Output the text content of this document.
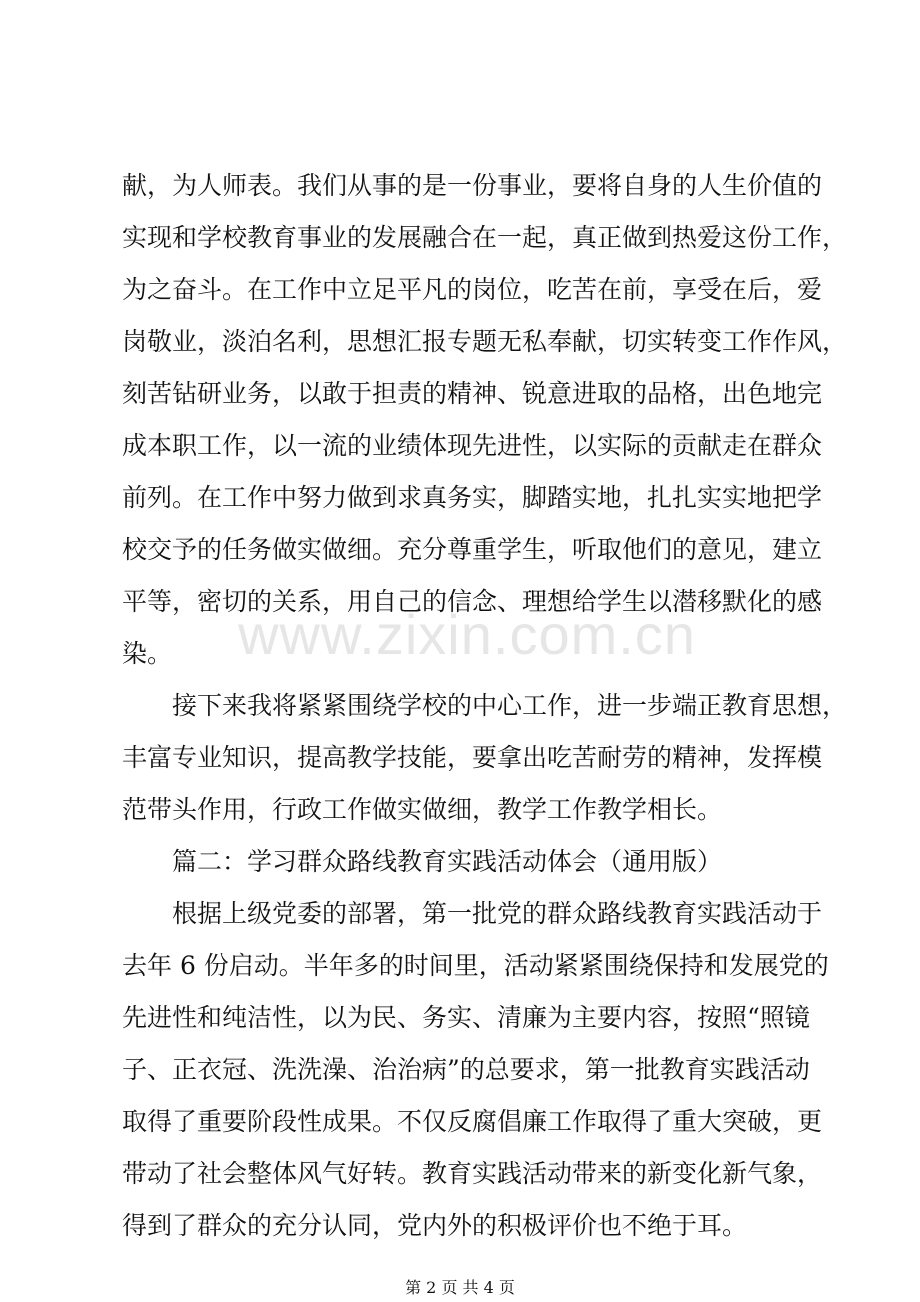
www.zixin.com.cn
献，为人师表。我们从事的是一份事业，要将自身的人生价值的
实现和学校教育事业的发展融合在一起，真正做到热爱这份工作，
为之奋斗。在工作中立足平凡的岗位，吃苦在前，享受在后，爱
岗敬业，淡泊名利，思想汇报专题无私奉献，切实转变工作作风，
刻苦钻研业务，以敢于担责的精神、锐意进取的品格，出色地完
成本职工作，以一流的业绩体现先进性，以实际的贡献走在群众
前列。在工作中努力做到求真务实，脚踏实地，扎扎实实地把学
校交予的任务做实做细。充分尊重学生，听取他们的意见，建立
平等，密切的关系，用自己的信念、理想给学生以潜移默化的感
染。
接下来我将紧紧围绕学校的中心工作，进一步端正教育思想，
丰富专业知识，提高教学技能，要拿出吃苦耐劳的精神，发挥模
范带头作用，行政工作做实做细，教学工作教学相长。
篇二：学习群众路线教育实践活动体会（通用版）
根据上级党委的部署，第一批党的群众路线教育实践活动于
去年 6 份启动。半年多的时间里，活动紧紧围绕保持和发展党的
先进性和纯洁性，以为民、务实、清廉为主要内容，按照“照镜
子、正衣冠、洗洗澡、治治病”的总要求，第一批教育实践活动
取得了重要阶段性成果。不仅反腐倡廉工作取得了重大突破，更
带动了社会整体风气好转。教育实践活动带来的新变化新气象，
得到了群众的充分认同，党内外的积极评价也不绝于耳。
第 2 页 共 4 页
